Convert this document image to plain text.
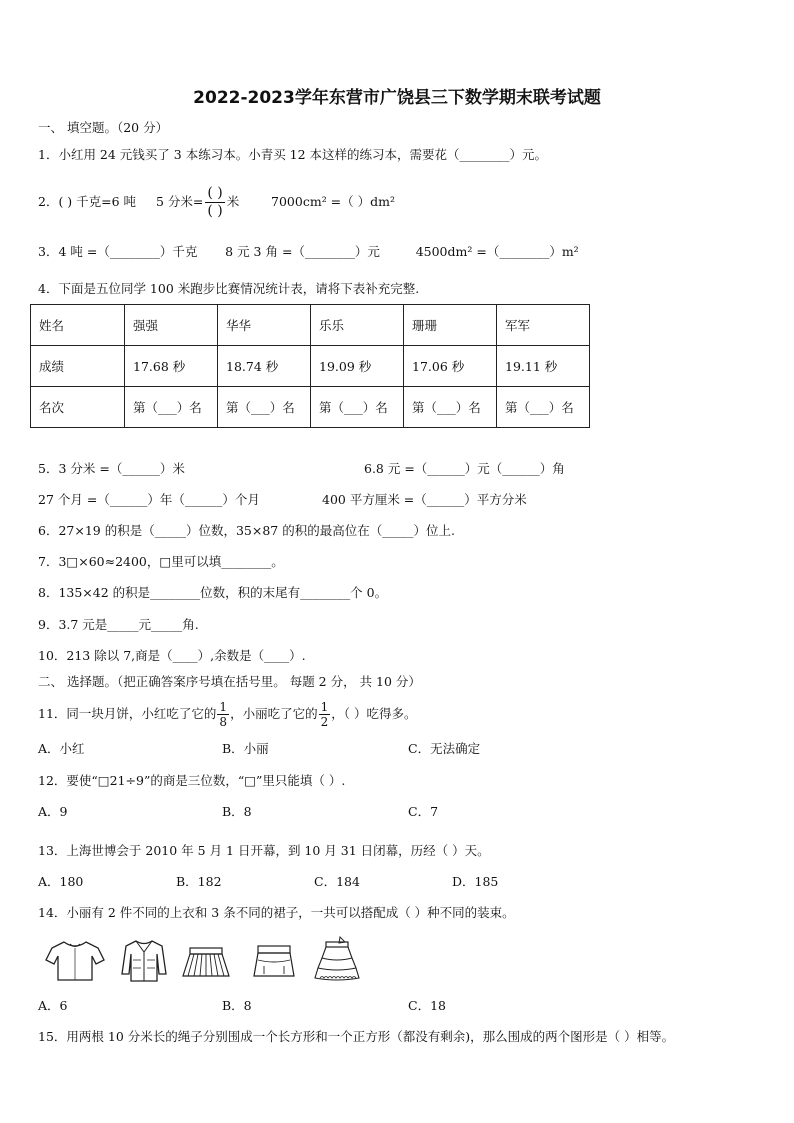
2022-2023学年东营市广饶县三下数学期末联考试题
一、 填空题。（20 分）
1．小红用 24 元钱买了 3 本练习本。小青买 12 本这样的练习本，需要花（________）元。
2．( ) 千克=6 吨 5 分米= $\frac{( )}{( )}$ 米	7000cm² =（ ）dm²
3．4 吨 =（________）千克 8 元 3 角 =（________）元	4500dm² =（________）m²
4．下面是五位同学 100 米跑步比赛情况统计表，请将下表补充完整.
姓名	强强	华华	乐乐	珊珊	军军
成绩	17.68 秒	18.74 秒	19.09 秒	17.06 秒	19.11 秒
名次	第（___）名	第（___）名	第（___）名	第（___）名	第（___）名
5．3 分米 =（______）米	6.8 元 =（______）元（______）角
27 个月 =（______）年（______）个月	400 平方厘米 =（______）平方分米
6．27×19 的积是（_____）位数，35×87 的积的最高位在（_____）位上.
7．3□×60≈2400，□里可以填________。
8．135×42 的积是________位数，积的末尾有________个 0。
9．3.7 元是_____元_____角.
10．213 除以 7,商是（____）,余数是（____）.
二、 选择题。（把正确答案序号填在括号里。 每题 2 分， 共 10 分）
11．同一块月饼，小红吃了它的 $\frac{1}{8}$ ，小丽吃了它的 $\frac{1}{2}$ ，（ ）吃得多。
A．小红	B．小丽	C．无法确定
12．要使“□21÷9”的商是三位数，“□”里只能填（ ）.
A．9	B．8	C．7
13．上海世博会于 2010 年 5 月 1 日开幕，到 10 月 31 日闭幕，历经（ ）天。
A．180	B．182	C．184	D．185
14．小丽有 2 件不同的上衣和 3 条不同的裙子，一共可以搭配成（ ）种不同的装束。
A．6	B．8	C．18
15．用两根 10 分米长的绳子分别围成一个长方形和一个正方形（都没有剩余)，那么围成的两个图形是（ ）相等。
